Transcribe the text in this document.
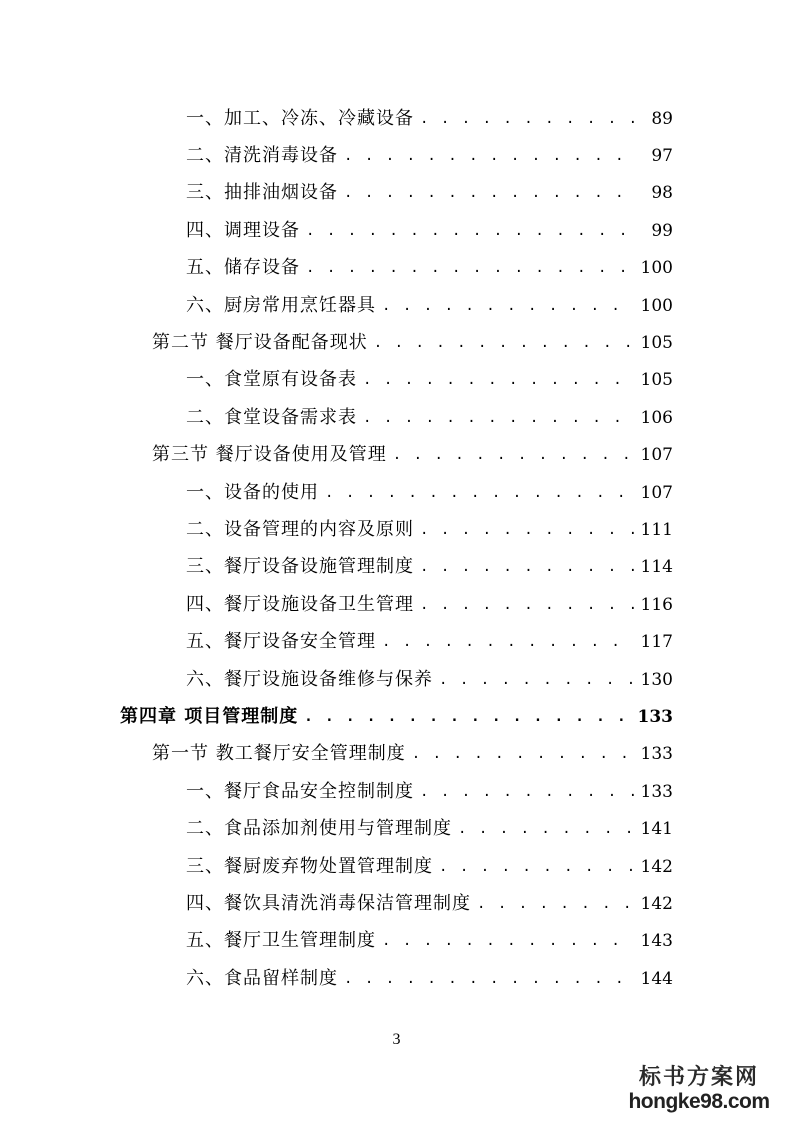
一、加工、冷冻、冷藏设备 . . .	89
二、清洗消毒设备 . . .	97
三、抽排油烟设备 . . .	98
四、调理设备 . . .	99
五、储存设备 . . .	100
六、厨房常用烹饪器具 . . .	100
第二节 餐厅设备配备现状 . . .	105
一、食堂原有设备表 . . .	105
二、食堂设备需求表 . . .	106
第三节 餐厅设备使用及管理 . . .	107
一、设备的使用 . . .	107
二、设备管理的内容及原则 . . .	111
三、餐厅设备设施管理制度 . . .	114
四、餐厅设施设备卫生管理 . . .	116
五、餐厅设备安全管理 . . .	117
六、餐厅设施设备维修与保养 . . .	130
第四章 项目管理制度 . . .	133
第一节 教工餐厅安全管理制度 . . .	133
一、餐厅食品安全控制制度 . . .	133
二、食品添加剂使用与管理制度 . . .	141
三、餐厨废弃物处置管理制度 . . .	142
四、餐饮具清洗消毒保洁管理制度 . . .	142
五、餐厅卫生管理制度 . . .	143
六、食品留样制度 . . .	144
3
标书方案网
hongke98.com
